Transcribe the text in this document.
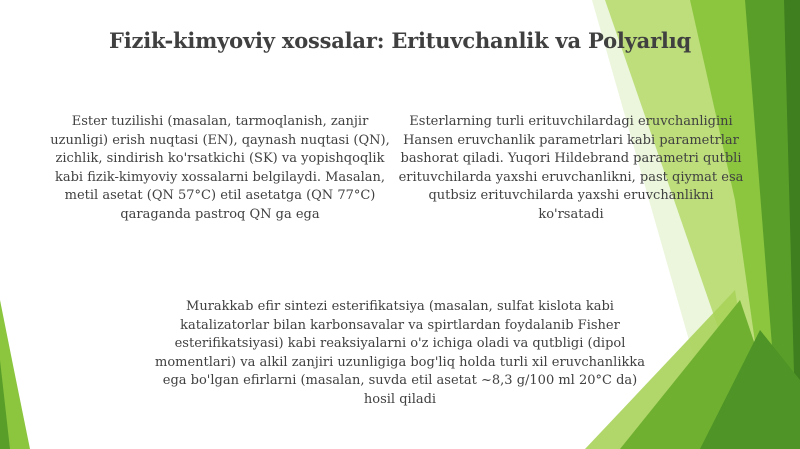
Fizik-kimyoviy xossalar: Erituvchanlik va Polyarlıq

Ester tuzilishi (masalan, tarmoqlanish, zanjir uzunligi) erish nuqtasi (EN), qaynash nuqtasi (QN), zichlik, sindirish ko'rsatkichi (SK) va yopishqoqlik kabi fizik-kimyoviy xossalarni belgilaydi. Masalan, metil asetat (QN 57°C) etil asetatga (QN 77°C) qaraganda pastroq QN ga ega

Esterlarning turli erituvchilardagi eruvchanligini Hansen eruvchanlik parametrlari kabi parametrlar bashorat qiladi. Yuqori Hildebrand parametri qutbli erituvchilarda yaxshi eruvchanlikni, past qiymat esa qutbsiz erituvchilarda yaxshi eruvchanlikni ko'rsatadi

Murakkab efir sintezi esterifikatsiya (masalan, sulfat kislota kabi katalizatorlar bilan karbonsavalar va spirtlardan foydalanib Fisher esterifikatsiyasi) kabi reaksiyalarni o'z ichiga oladi va qutbligi (dipol momentlari) va alkil zanjiri uzunligiga bog'liq holda turli xil eruvchanlikka ega bo'lgan efirlarni (masalan, suvda etil asetat ~8,3 g/100 ml 20°C da) hosil qiladi
